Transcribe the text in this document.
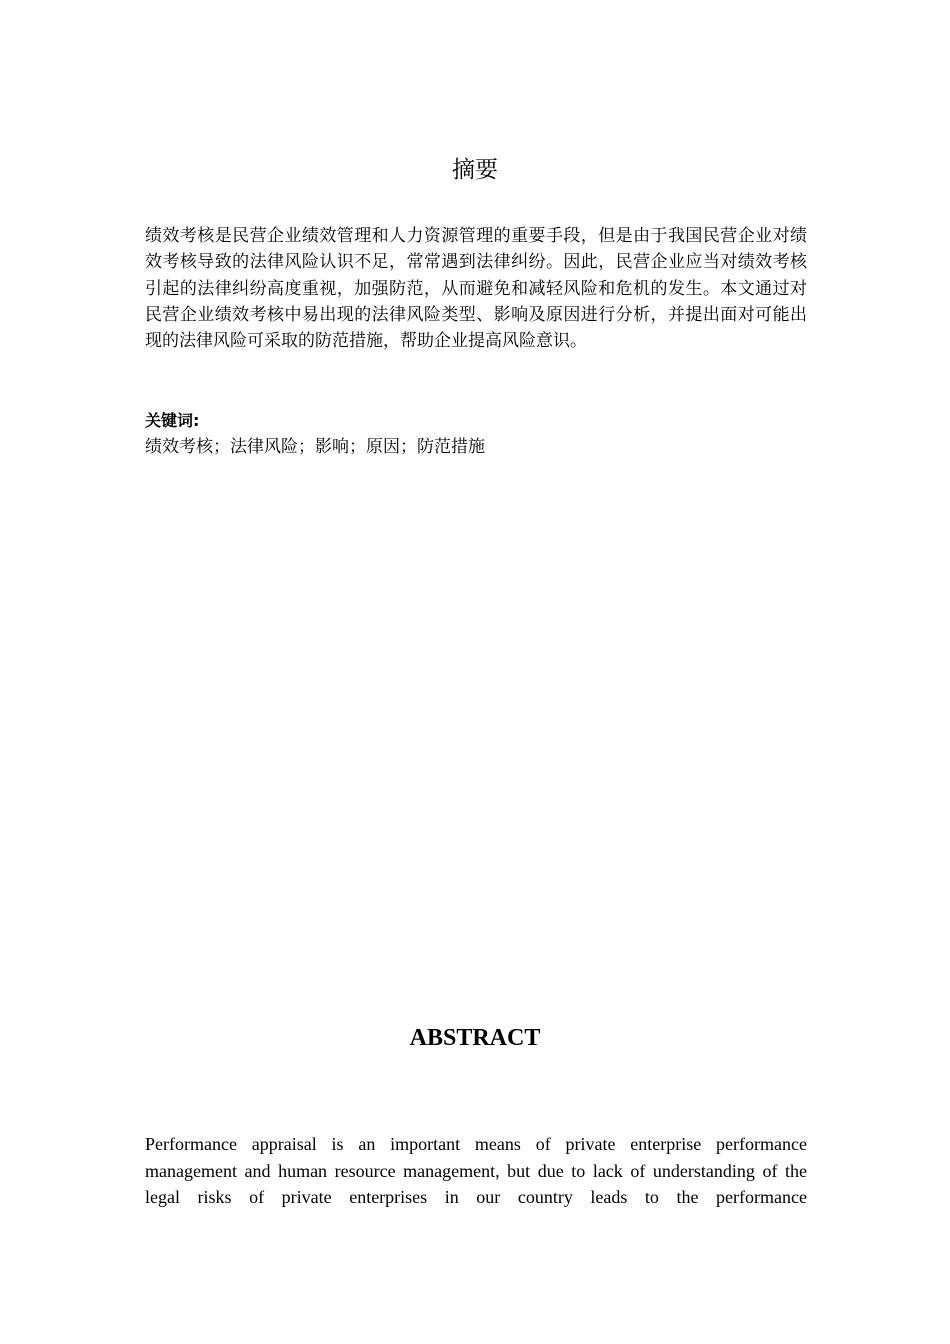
摘要

绩效考核是民营企业绩效管理和人力资源管理的重要手段，但是由于我国民营企业对绩效考核导致的法律风险认识不足，常常遇到法律纠纷。因此，民营企业应当对绩效考核引起的法律纠纷高度重视，加强防范，从而避免和减轻风险和危机的发生。本文通过对民营企业绩效考核中易出现的法律风险类型、影响及原因进行分析，并提出面对可能出现的法律风险可采取的防范措施，帮助企业提高风险意识。

关键词:
绩效考核；法律风险；影响；原因；防范措施
ABSTRACT

Performance appraisal is an important means of private enterprise performance management and human resource management, but due to lack of understanding of the legal risks of private enterprises in our country leads to the performance
